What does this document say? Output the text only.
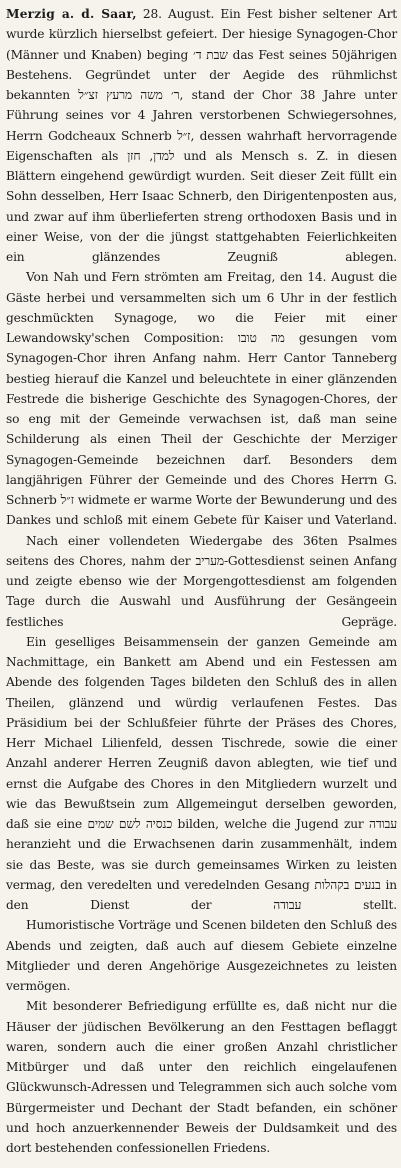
Merzig a. d. Saar, 28. August. Ein Fest bisher seltener Art wurde kürzlich hierselbst gefeiert. Der hiesige Synagogen-Chor (Männer und Knaben) beging שבת ד׳ das Fest seines 50jährigen Bestehens. Gegründet unter der Aegide des rühmlichst bekannten ר׳ משה מרעץ זצ״ל, stand der Chor 38 Jahre unter Führung seines vor 4 Jahren verstorbenen Schwiegersohnes, Herrn Godcheaux Schnerb ז״ל, dessen wahrhaft hervorragende Eigenschaften als למדן, חזן und als Mensch s. Z. in diesen Blättern eingehend gewürdigt wurden. Seit dieser Zeit füllt ein Sohn desselben, Herr Isaac Schnerb, den Dirigentenposten aus, und zwar auf ihm überlieferten streng orthodoxen Basis und in einer Weise, von der die jüngst stattgehabten Feierlichkeiten ein glänzendes Zeugniß ablegen.

Von Nah und Fern strömten am Freitag, den 14. August die Gäste herbei und versammelten sich um 6 Uhr in der festlich geschmückten Synagoge, wo die Feier mit einer Lewandowsky'schen Composition: מה טובו gesungen vom Synagogen-Chor ihren Anfang nahm. Herr Cantor Tanneberg bestieg hierauf die Kanzel und beleuchtete in einer glänzenden Festrede die bisherige Geschichte des Synagogen-Chores, der so eng mit der Gemeinde verwachsen ist, daß man seine Schilderung als einen Theil der Geschichte der Merziger Synagogen-Gemeinde bezeichnen darf. Besonders dem langjährigen Führer der Gemeinde und des Chores Herrn G. Schnerb ז״ל widmete er warme Worte der Bewunderung und des Dankes und schloß mit einem Gebete für Kaiser und Vaterland.

Nach einer vollendeten Wiedergabe des 36ten Psalmes seitens des Chores, nahm der מעריב-Gottesdienst seinen Anfang und zeigte ebenso wie der Morgengottesdienst am folgenden Tage durch die Auswahl und Ausführung der Gesängeein festliches Gepräge.

Ein geselliges Beisammensein der ganzen Gemeinde am Nachmittage, ein Bankett am Abend und ein Festessen am Abende des folgenden Tages bildeten den Schluß des in allen Theilen, glänzend und würdig verlaufenen Festes. Das Präsidium bei der Schlußfeier führte der Präses des Chores, Herr Michael Lilienfeld, dessen Tischrede, sowie die einer Anzahl anderer Herren Zeugniß davon ablegten, wie tief und ernst die Aufgabe des Chores in den Mitgliedern wurzelt und wie das Bewußtsein zum Allgemeingut derselben geworden, daß sie eine כנסיה לשם שמים bilden, welche die Jugend zur עבודה heranzieht und die Erwachsenen darin zusammenhält, indem sie das Beste, was sie durch gemeinsames Wirken zu leisten vermag, den veredelten und veredelnden Gesang בנעים בקהלות in den Dienst der עבודה stellt.

Humoristische Vorträge und Scenen bildeten den Schluß des Abends und zeigten, daß auch auf diesem Gebiete einzelne Mitglieder und deren Angehörige Ausgezeichnetes zu leisten vermögen.

Mit besonderer Befriedigung erfüllte es, daß nicht nur die Häuser der jüdischen Bevölkerung an den Festtagen beflaggt waren, sondern auch die einer großen Anzahl christlicher Mitbürger und daß unter den reichlich eingelaufenen Glückwunsch-Adressen und Telegrammen sich auch solche vom Bürgermeister und Dechant der Stadt befanden, ein schöner und hoch anzuerkennender Beweis der Duldsamkeit und des dort bestehenden confessionellen Friedens.
